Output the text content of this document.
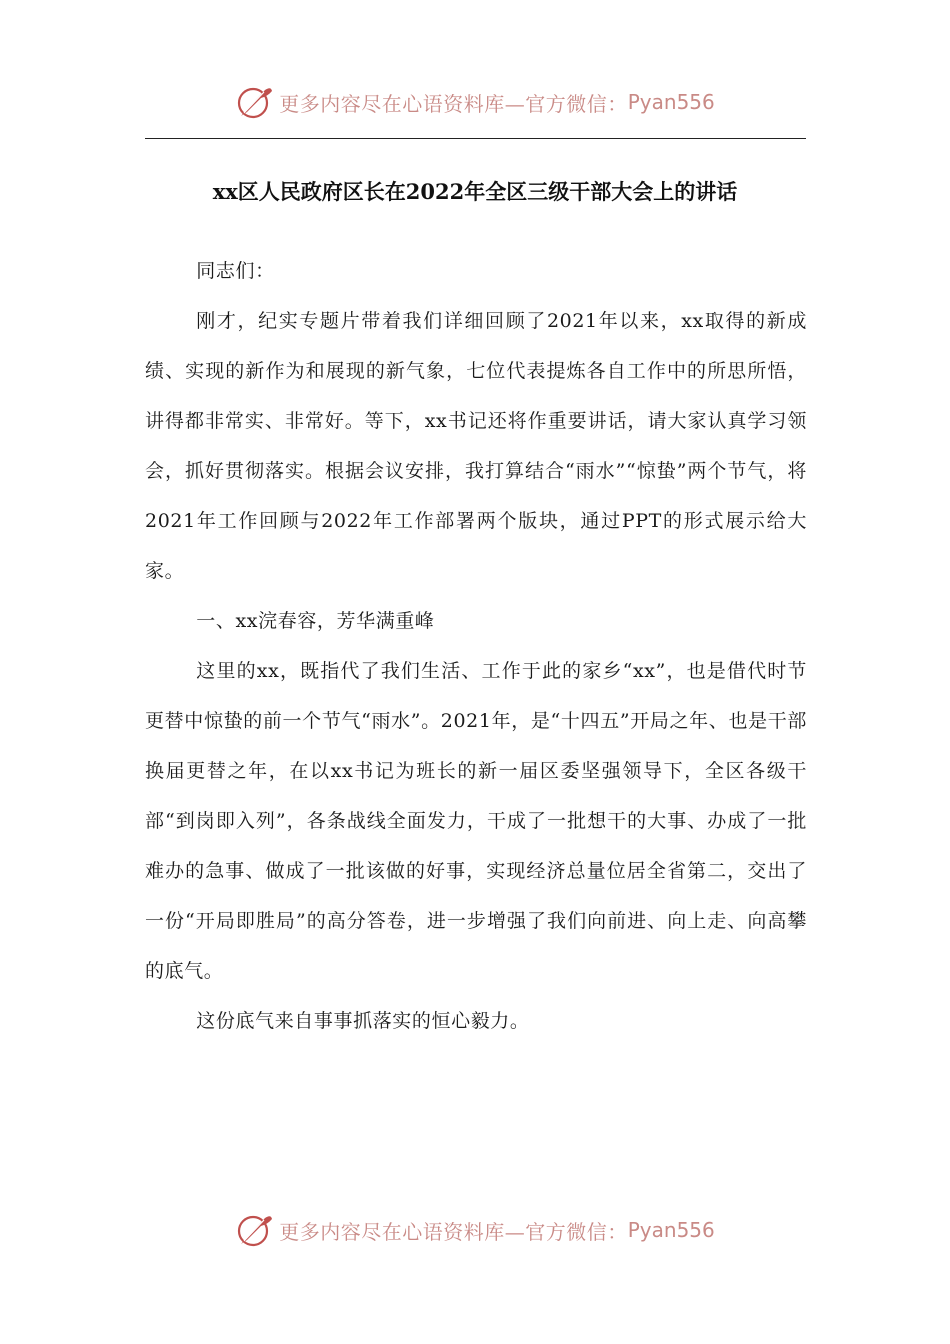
更多内容尽在心语资料库—官方微信： Pyan556
xx区人民政府区长在2022年全区三级干部大会上的讲话

同志们：

刚才，纪实专题片带着我们详细回顾了2021年以来，xx取得的新成绩、实现的新作为和展现的新气象，七位代表提炼各自工作中的所思所悟，讲得都非常实、非常好。等下，xx书记还将作重要讲话，请大家认真学习领会，抓好贯彻落实。根据会议安排，我打算结合“雨水”“惊蛰”两个节气，将2021年工作回顾与2022年工作部署两个版块，通过PPT的形式展示给大家。

一、xx浣春容，芳华满重峰

这里的xx，既指代了我们生活、工作于此的家乡“xx”，也是借代时节更替中惊蛰的前一个节气“雨水”。2021年，是“十四五”开局之年、也是干部换届更替之年，在以xx书记为班长的新一届区委坚强领导下，全区各级干部“到岗即入列”，各条战线全面发力，干成了一批想干的大事、办成了一批难办的急事、做成了一批该做的好事，实现经济总量位居全省第二，交出了一份“开局即胜局”的高分答卷，进一步增强了我们向前进、向上走、向高攀的底气。

这份底气来自事事抓落实的恒心毅力。

更多内容尽在心语资料库—官方微信： Pyan556
